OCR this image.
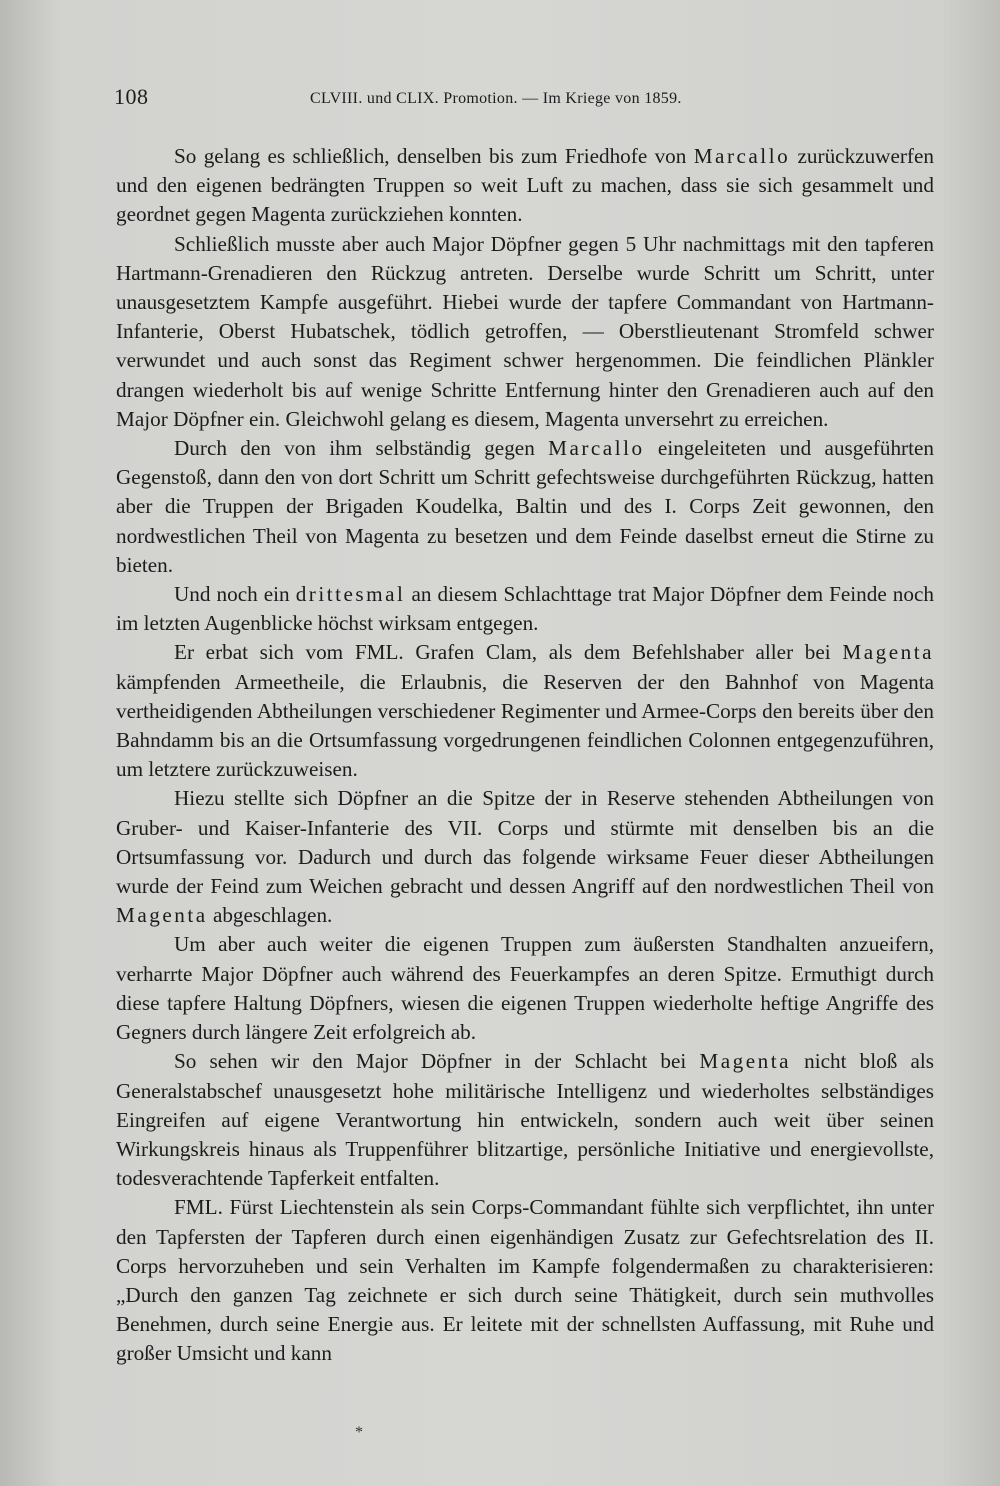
108	CLVIII. und CLIX. Promotion. — Im Kriege von 1859.

So gelang es schließlich, denselben bis zum Friedhofe von Marcallo zurückzuwerfen und den eigenen bedrängten Truppen so weit Luft zu machen, dass sie sich gesammelt und geordnet gegen Magenta zurückziehen konnten.

Schließlich musste aber auch Major Döpfner gegen 5 Uhr nachmittags mit den tapferen Hartmann-Grenadieren den Rückzug antreten. Derselbe wurde Schritt um Schritt, unter unausgesetztem Kampfe ausgeführt. Hiebei wurde der tapfere Commandant von Hartmann-Infanterie, Oberst Hubatschek, tödlich getroffen, — Oberstlieutenant Stromfeld schwer verwundet und auch sonst das Regiment schwer hergenommen. Die feindlichen Plänkler drangen wiederholt bis auf wenige Schritte Entfernung hinter den Grenadieren auch auf den Major Döpfner ein. Gleichwohl gelang es diesem, Magenta unversehrt zu erreichen.

Durch den von ihm selbständig gegen Marcallo eingeleiteten und ausgeführten Gegenstoß, dann den von dort Schritt um Schritt gefechtsweise durchgeführten Rückzug, hatten aber die Truppen der Brigaden Koudelka, Baltin und des I. Corps Zeit gewonnen, den nordwestlichen Theil von Magenta zu besetzen und dem Feinde daselbst erneut die Stirne zu bieten.

Und noch ein drittesmal an diesem Schlachttage trat Major Döpfner dem Feinde noch im letzten Augenblicke höchst wirksam entgegen.

Er erbat sich vom FML. Grafen Clam, als dem Befehlshaber aller bei Magenta kämpfenden Armeetheile, die Erlaubnis, die Reserven der den Bahnhof von Magenta vertheidigenden Abtheilungen verschiedener Regimenter und Armee-Corps den bereits über den Bahndamm bis an die Ortsumfassung vorgedrungenen feindlichen Colonnen entgegenzuführen, um letztere zurückzuweisen.

Hiezu stellte sich Döpfner an die Spitze der in Reserve stehenden Abtheilungen von Gruber- und Kaiser-Infanterie des VII. Corps und stürmte mit denselben bis an die Ortsumfassung vor. Dadurch und durch das folgende wirksame Feuer dieser Abtheilungen wurde der Feind zum Weichen gebracht und dessen Angriff auf den nordwestlichen Theil von Magenta abgeschlagen.

Um aber auch weiter die eigenen Truppen zum äußersten Standhalten anzueifern, verharrte Major Döpfner auch während des Feuerkampfes an deren Spitze. Ermuthigt durch diese tapfere Haltung Döpfners, wiesen die eigenen Truppen wiederholte heftige Angriffe des Gegners durch längere Zeit erfolgreich ab.

So sehen wir den Major Döpfner in der Schlacht bei Magenta nicht bloß als Generalstabschef unausgesetzt hohe militärische Intelligenz und wiederholtes selbständiges Eingreifen auf eigene Verantwortung hin entwickeln, sondern auch weit über seinen Wirkungskreis hinaus als Truppenführer blitzartige, persönliche Initiative und energievollste, todesverachtende Tapferkeit entfalten.

FML. Fürst Liechtenstein als sein Corps-Commandant fühlte sich verpflichtet, ihn unter den Tapfersten der Tapferen durch einen eigenhändigen Zusatz zur Gefechtsrelation des II. Corps hervorzuheben und sein Verhalten im Kampfe folgendermaßen zu charakterisieren: „Durch den ganzen Tag zeichnete er sich durch seine Thätigkeit, durch sein muthvolles Benehmen, durch seine Energie aus. Er leitete mit der schnellsten Auffassung, mit Ruhe und großer Umsicht und kann

*
